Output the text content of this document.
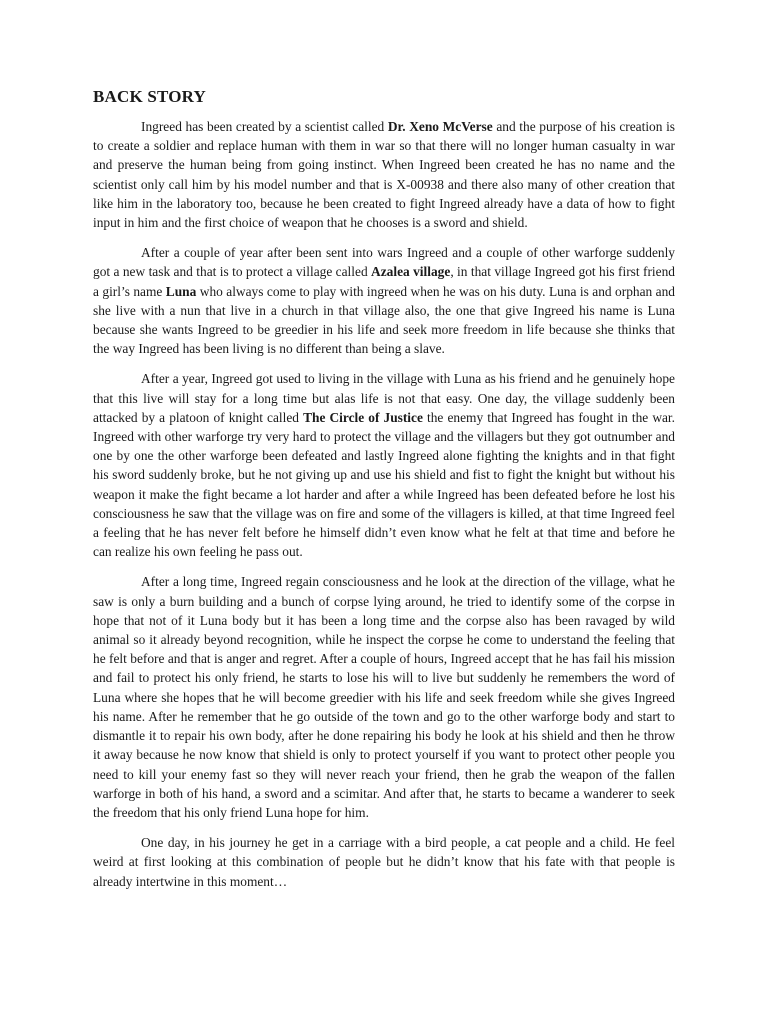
BACK STORY

Ingreed has been created by a scientist called Dr. Xeno McVerse and the purpose of his creation is to create a soldier and replace human with them in war so that there will no longer human casualty in war and preserve the human being from going instinct. When Ingreed been created he has no name and the scientist only call him by his model number and that is X-00938 and there also many of other creation that like him in the laboratory too, because he been created to fight Ingreed already have a data of how to fight input in him and the first choice of weapon that he chooses is a sword and shield.

After a couple of year after been sent into wars Ingreed and a couple of other warforge suddenly got a new task and that is to protect a village called Azalea village, in that village Ingreed got his first friend a girl’s name Luna who always come to play with ingreed when he was on his duty. Luna is and orphan and she live with a nun that live in a church in that village also, the one that give Ingreed his name is Luna because she wants Ingreed to be greedier in his life and seek more freedom in life because she thinks that the way Ingreed has been living is no different than being a slave.

After a year, Ingreed got used to living in the village with Luna as his friend and he genuinely hope that this live will stay for a long time but alas life is not that easy. One day, the village suddenly been attacked by a platoon of knight called The Circle of Justice the enemy that Ingreed has fought in the war. Ingreed with other warforge try very hard to protect the village and the villagers but they got outnumber and one by one the other warforge been defeated and lastly Ingreed alone fighting the knights and in that fight his sword suddenly broke, but he not giving up and use his shield and fist to fight the knight but without his weapon it make the fight became a lot harder and after a while Ingreed has been defeated before he lost his consciousness he saw that the village was on fire and some of the villagers is killed, at that time Ingreed feel a feeling that he has never felt before he himself didn’t even know what he felt at that time and before he can realize his own feeling he pass out.

After a long time, Ingreed regain consciousness and he look at the direction of the village, what he saw is only a burn building and a bunch of corpse lying around, he tried to identify some of the corpse in hope that not of it Luna body but it has been a long time and the corpse also has been ravaged by wild animal so it already beyond recognition, while he inspect the corpse he come to understand the feeling that he felt before and that is anger and regret. After a couple of hours, Ingreed accept that he has fail his mission and fail to protect his only friend, he starts to lose his will to live but suddenly he remembers the word of Luna where she hopes that he will become greedier with his life and seek freedom while she gives Ingreed his name. After he remember that he go outside of the town and go to the other warforge body and start to dismantle it to repair his own body, after he done repairing his body he look at his shield and then he throw it away because he now know that shield is only to protect yourself if you want to protect other people you need to kill your enemy fast so they will never reach your friend, then he grab the weapon of the fallen warforge in both of his hand, a sword and a scimitar. And after that, he starts to became a wanderer to seek the freedom that his only friend Luna hope for him.

One day, in his journey he get in a carriage with a bird people, a cat people and a child. He feel weird at first looking at this combination of people but he didn’t know that his fate with that people is already intertwine in this moment…
